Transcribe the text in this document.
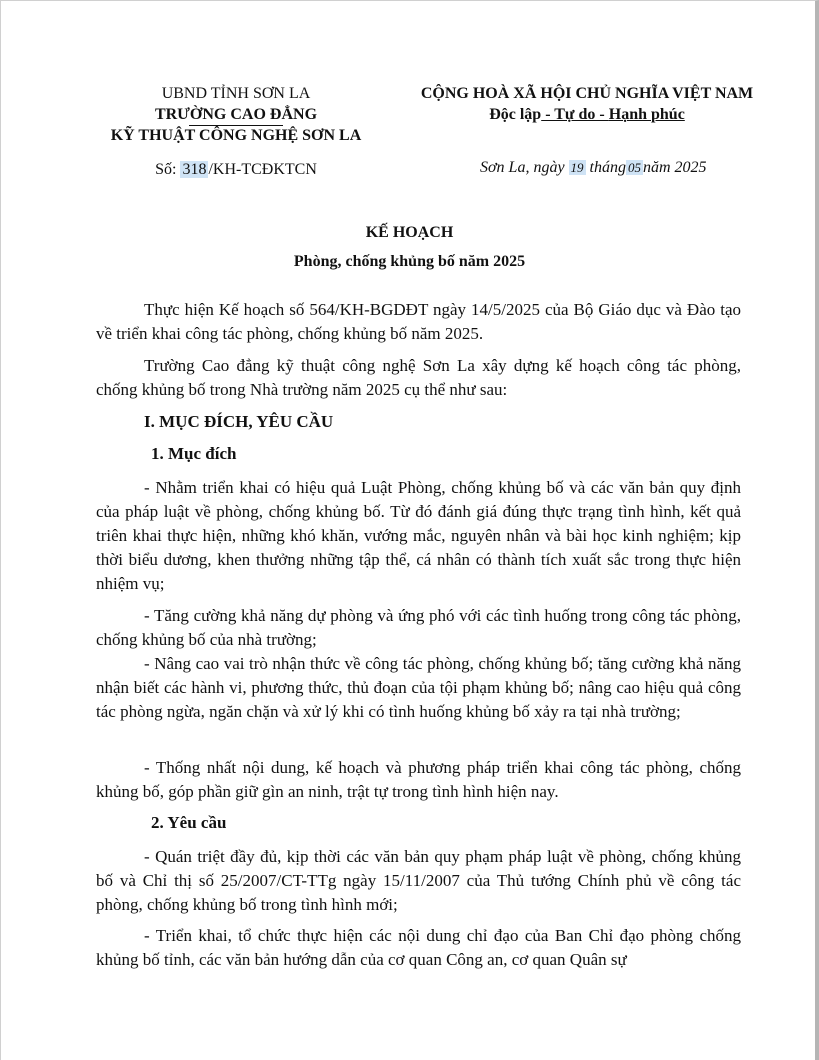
UBND TỈNH SƠN LA
TRƯỜNG CAO ĐẲNG
KỸ THUẬT CÔNG NGHỆ SƠN LA
Số: 318 /KH-TCĐKTCN
CỘNG HOÀ XÃ HỘI CHỦ NGHĨA VIỆT NAM
Độc lập - Tự do - Hạnh phúc
Sơn La, ngày 19 tháng 05 năm 2025
KẾ HOẠCH
Phòng, chống khủng bố năm 2025

Thực hiện Kế hoạch số 564/KH-BGDĐT ngày 14/5/2025 của Bộ Giáo dục và Đào tạo về triển khai công tác phòng, chống khủng bố năm 2025.

Trường Cao đẳng kỹ thuật công nghệ Sơn La xây dựng kế hoạch công tác phòng, chống khủng bố trong Nhà trường năm 2025 cụ thể như sau:

I. MỤC ĐÍCH, YÊU CẦU
1. Mục đích

- Nhằm triển khai có hiệu quả Luật Phòng, chống khủng bố và các văn bản quy định của pháp luật về phòng, chống khủng bố. Từ đó đánh giá đúng thực trạng tình hình, kết quả triên khai thực hiện, những khó khăn, vướng mắc, nguyên nhân và bài học kinh nghiệm; kịp thời biểu dương, khen thưởng những tập thể, cá nhân có thành tích xuất sắc trong thực hiện nhiệm vụ;

- Tăng cường khả năng dự phòng và ứng phó với các tình huống trong công tác phòng, chống khủng bố của nhà trường;

- Nâng cao vai trò nhận thức về công tác phòng, chống khủng bố; tăng cường khả năng nhận biết các hành vi, phương thức, thủ đoạn của tội phạm khủng bố; nâng cao hiệu quả công tác phòng ngừa, ngăn chặn và xử lý khi có tình huống khủng bố xảy ra tại nhà trường;

- Thống nhất nội dung, kế hoạch và phương pháp triển khai công tác phòng, chống khủng bố, góp phần giữ gìn an ninh, trật tự trong tình hình hiện nay.

2. Yêu cầu

- Quán triệt đầy đủ, kịp thời các văn bản quy phạm pháp luật về phòng, chống khủng bố và Chỉ thị số 25/2007/CT-TTg ngày 15/11/2007 của Thủ tướng Chính phủ về công tác phòng, chống khủng bố trong tình hình mới;

- Triển khai, tổ chức thực hiện các nội dung chỉ đạo của Ban Chỉ đạo phòng chống khủng bố tỉnh, các văn bản hướng dẫn của cơ quan Công an, cơ quan Quân sự
